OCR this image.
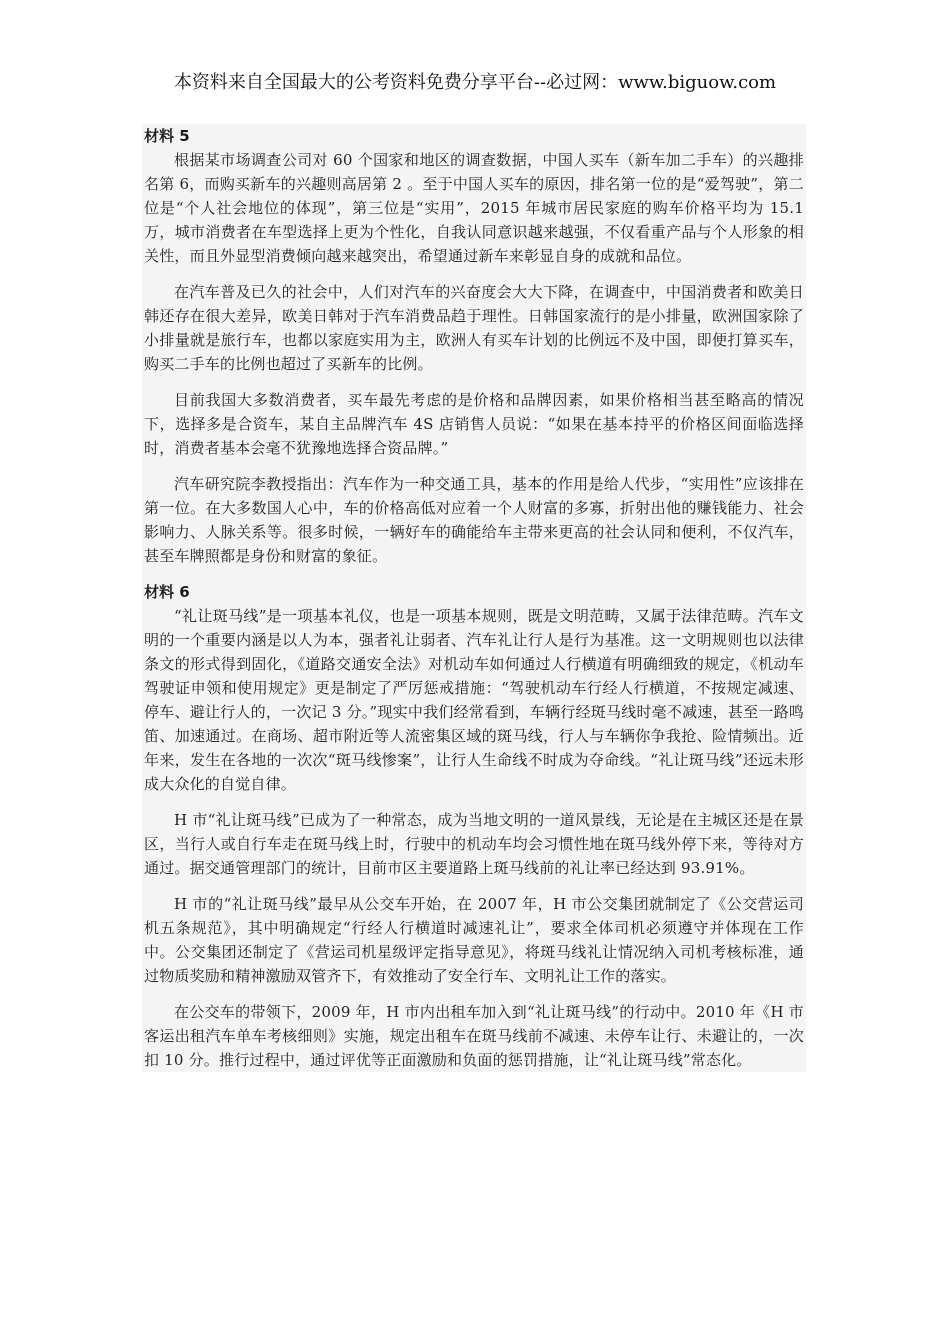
本资料来自全国最大的公考资料免费分享平台--必过网：www.biguow.com

材料 5

根据某市场调查公司对 60 个国家和地区的调查数据，中国人买车（新车加二手车）的兴趣排名第 6，而购买新车的兴趣则高居第 2 。至于中国人买车的原因，排名第一位的是“爱驾驶”，第二位是“个人社会地位的体现”，第三位是“实用”，2015 年城市居民家庭的购车价格平均为 15.1 万，城市消费者在车型选择上更为个性化，自我认同意识越来越强，不仅看重产品与个人形象的相关性，而且外显型消费倾向越来越突出，希望通过新车来彰显自身的成就和品位。

在汽车普及已久的社会中，人们对汽车的兴奋度会大大下降，在调查中，中国消费者和欧美日韩还存在很大差异，欧美日韩对于汽车消费品趋于理性。日韩国家流行的是小排量，欧洲国家除了小排量就是旅行车，也都以家庭实用为主，欧洲人有买车计划的比例远不及中国，即便打算买车，购买二手车的比例也超过了买新车的比例。

目前我国大多数消费者，买车最先考虑的是价格和品牌因素，如果价格相当甚至略高的情况下，选择多是合资车，某自主品牌汽车 4S 店销售人员说：“如果在基本持平的价格区间面临选择时，消费者基本会毫不犹豫地选择合资品牌。”

汽车研究院李教授指出：汽车作为一种交通工具，基本的作用是给人代步，“实用性”应该排在第一位。在大多数国人心中，车的价格高低对应着一个人财富的多寡，折射出他的赚钱能力、社会影响力、人脉关系等。很多时候，一辆好车的确能给车主带来更高的社会认同和便利，不仅汽车，甚至车牌照都是身份和财富的象征。

材料 6

“礼让斑马线”是一项基本礼仪，也是一项基本规则，既是文明范畴，又属于法律范畴。汽车文明的一个重要内涵是以人为本，强者礼让弱者、汽车礼让行人是行为基准。这一文明规则也以法律条文的形式得到固化，《道路交通安全法》对机动车如何通过人行横道有明确细致的规定，《机动车驾驶证申领和使用规定》更是制定了严厉惩戒措施：“驾驶机动车行经人行横道，不按规定减速、停车、避让行人的，一次记 3 分。”现实中我们经常看到，车辆行经斑马线时毫不减速，甚至一路鸣笛、加速通过。在商场、超市附近等人流密集区域的斑马线，行人与车辆你争我抢、险情频出。近年来，发生在各地的一次次“斑马线惨案”，让行人生命线不时成为夺命线。“礼让斑马线”还远未形成大众化的自觉自律。

H 市“礼让斑马线”已成为了一种常态，成为当地文明的一道风景线，无论是在主城区还是在景区，当行人或自行车走在斑马线上时，行驶中的机动车均会习惯性地在斑马线外停下来，等待对方通过。据交通管理部门的统计，目前市区主要道路上斑马线前的礼让率已经达到 93.91%。

H 市的“礼让斑马线”最早从公交车开始，在 2007 年，H 市公交集团就制定了《公交营运司机五条规范》，其中明确规定“行经人行横道时减速礼让”，要求全体司机必须遵守并体现在工作中。公交集团还制定了《营运司机星级评定指导意见》，将斑马线礼让情况纳入司机考核标准，通过物质奖励和精神激励双管齐下，有效推动了安全行车、文明礼让工作的落实。

在公交车的带领下，2009 年，H 市内出租车加入到“礼让斑马线”的行动中。2010 年《H 市客运出租汽车单车考核细则》实施，规定出租车在斑马线前不减速、未停车让行、未避让的，一次扣 10 分。推行过程中，通过评优等正面激励和负面的惩罚措施，让“礼让斑马线”常态化。
